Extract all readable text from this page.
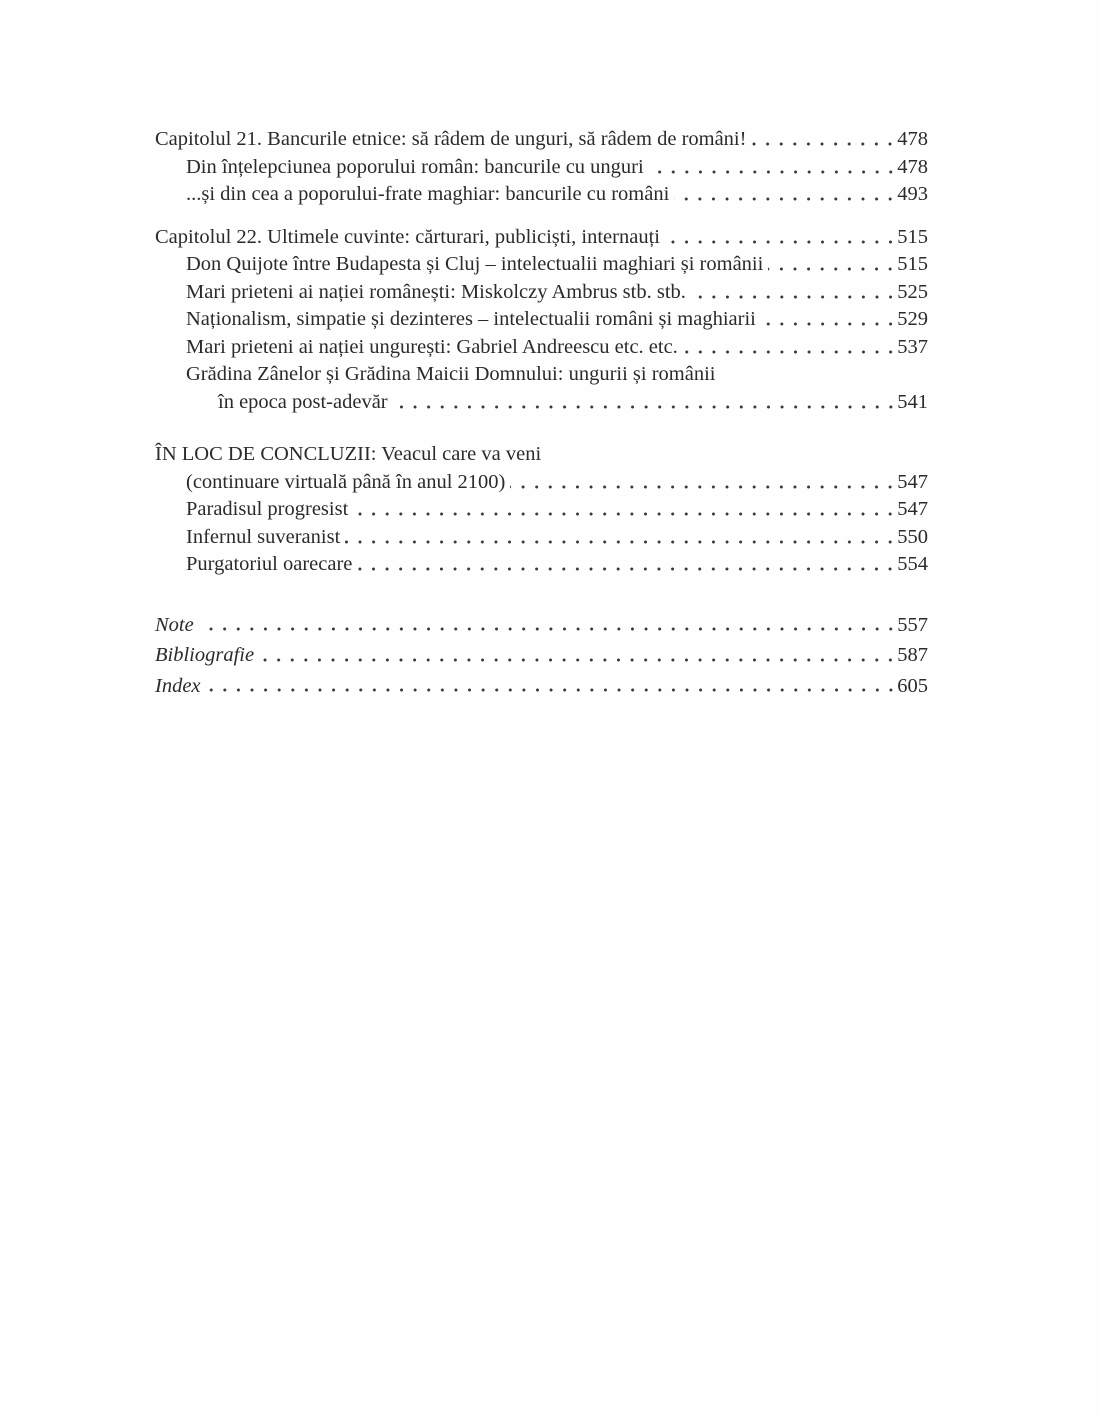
Capitolul 21. Bancurile etnice: să râdem de unguri, să râdem de români!	478
Din înțelepciunea poporului român: bancurile cu unguri	478
...și din cea a poporului-frate maghiar: bancurile cu români	493
Capitolul 22. Ultimele cuvinte: cărturari, publiciști, internauți	515
Don Quijote între Budapesta și Cluj – intelectualii maghiari și românii	515
Mari prieteni ai nației românești: Miskolczy Ambrus stb. stb.	525
Naționalism, simpatie și dezinteres – intelectualii români și maghiarii	529
Mari prieteni ai nației ungurești: Gabriel Andreescu etc. etc.	537
Grădina Zânelor și Grădina Maicii Domnului: ungurii și românii
în epoca post-adevăr	541
ÎN LOC DE CONCLUZII: Veacul care va veni
(continuare virtuală până în anul 2100)	547
Paradisul progresist	547
Infernul suveranist	550
Purgatoriul oarecare	554
Note	557
Bibliografie	587
Index	605
